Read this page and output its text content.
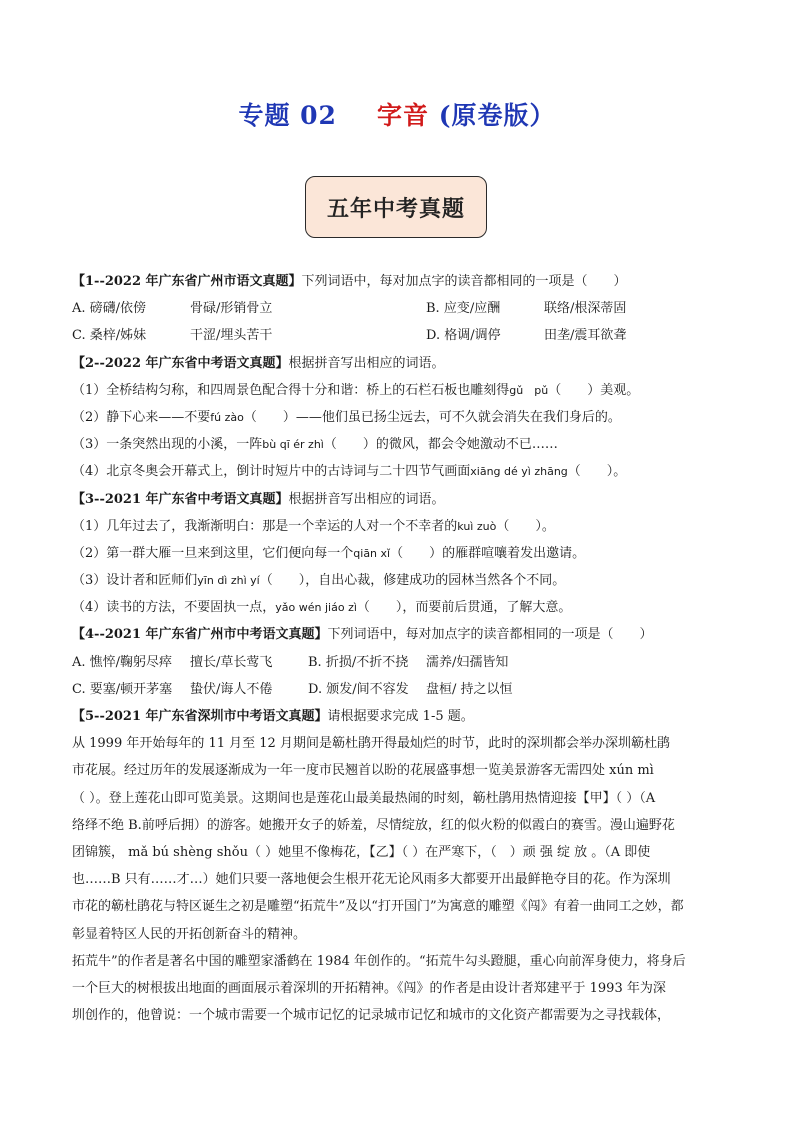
专题 02 字音 (原卷版）
五年中考真题
【1--2022 年广东省广州市语文真题】下列词语中，每对加点字的读音都相同的一项是（　　）
A. 磅礴/依傍	骨碌/形销骨立	B. 应变/应酬	联络/根深蒂固
C. 桑梓/姊妹	干涩/埋头苦干	D. 格调/调停	田垄/震耳欲聋
【2--2022 年广东省中考语文真题】根据拼音写出相应的词语。
（1）全桥结构匀称，和四周景色配合得十分和谐：桥上的石栏石板也雕刻得gǔ　pǔ（　　）美观。
（2）静下心来——不要fú zào（　　）——他们虽已扬尘远去，可不久就会消失在我们身后的。
（3）一条突然出现的小溪，一阵bù qī ér zhì（　　）的微风，都会令她激动不已……
（4）北京冬奥会开幕式上，倒计时短片中的古诗词与二十四节气画面xiāng dé yì zhāng（　　）。
【3--2021 年广东省中考语文真题】根据拼音写出相应的词语。
（1）几年过去了，我渐渐明白：那是一个幸运的人对一个不幸者的kuì zuò（　　）。
（2）第一群大雁一旦来到这里，它们便向每一个qiān xǐ（　　）的雁群喧嚷着发出邀请。
（3）设计者和匠师们yīn dì zhì yí（　　），自出心裁，修建成功的园林当然各个不同。
（4）读书的方法，不要固执一点，yǎo wén jiáo zì（　　），而要前后贯通，了解大意。
【4--2021 年广东省广州市中考语文真题】下列词语中，每对加点字的读音都相同的一项是（　　）
A. 憔悴/鞠躬尽瘁 擅长/草长莺飞	B. 折损/不折不挠 濡养/妇孺皆知
C. 要塞/顿开茅塞 蛰伏/诲人不倦	D. 颁发/间不容发 盘桓/ 持之以恒
【5--2021 年广东省深圳市中考语文真题】请根据要求完成 1-5 题。
从 1999 年开始每年的 11 月至 12 月期间是簕杜鹃开得最灿烂的时节，此时的深圳都会举办深圳簕杜鹃
市花展。经过历年的发展逐渐成为一年一度市民翘首以盼的花展盛事想一览美景游客无需四处 xún mì
（ ）。登上莲花山即可览美景。这期间也是莲花山最美最热闹的时刻，簕杜鹃用热情迎接【甲】（ ）（A
络绎不绝 B.前呼后拥）的游客。她搬开女子的娇羞，尽情绽放，红的似火粉的似霞白的赛雪。漫山遍野花
团锦簇， mǎ bú shèng shǒu（ ）她里不像梅花，【乙】（ ）在严寒下，（　）顽 强 绽 放 。（A 即使
也……B 只有……才…）她们只要一落地便会生根开花无论风雨多大都要开出最鲜艳夺目的花。作为深圳
市花的簕杜鹃花与特区诞生之初是雕塑“拓荒牛”及以“打开国门”为寓意的雕塑《闯》有着一曲同工之妙，都
彰显着特区人民的开拓创新奋斗的精神。
拓荒牛”的作者是著名中国的雕塑家潘鹤在 1984 年创作的。“拓荒牛勾头蹬腿，重心向前浑身使力，将身后
一个巨大的树根拔出地面的画面展示着深圳的开拓精神。《闯》的作者是由设计者郑建平于 1993 年为深
圳创作的，他曾说：一个城市需要一个城市记忆的记录城市记忆和城市的文化资产都需要为之寻找载体，
